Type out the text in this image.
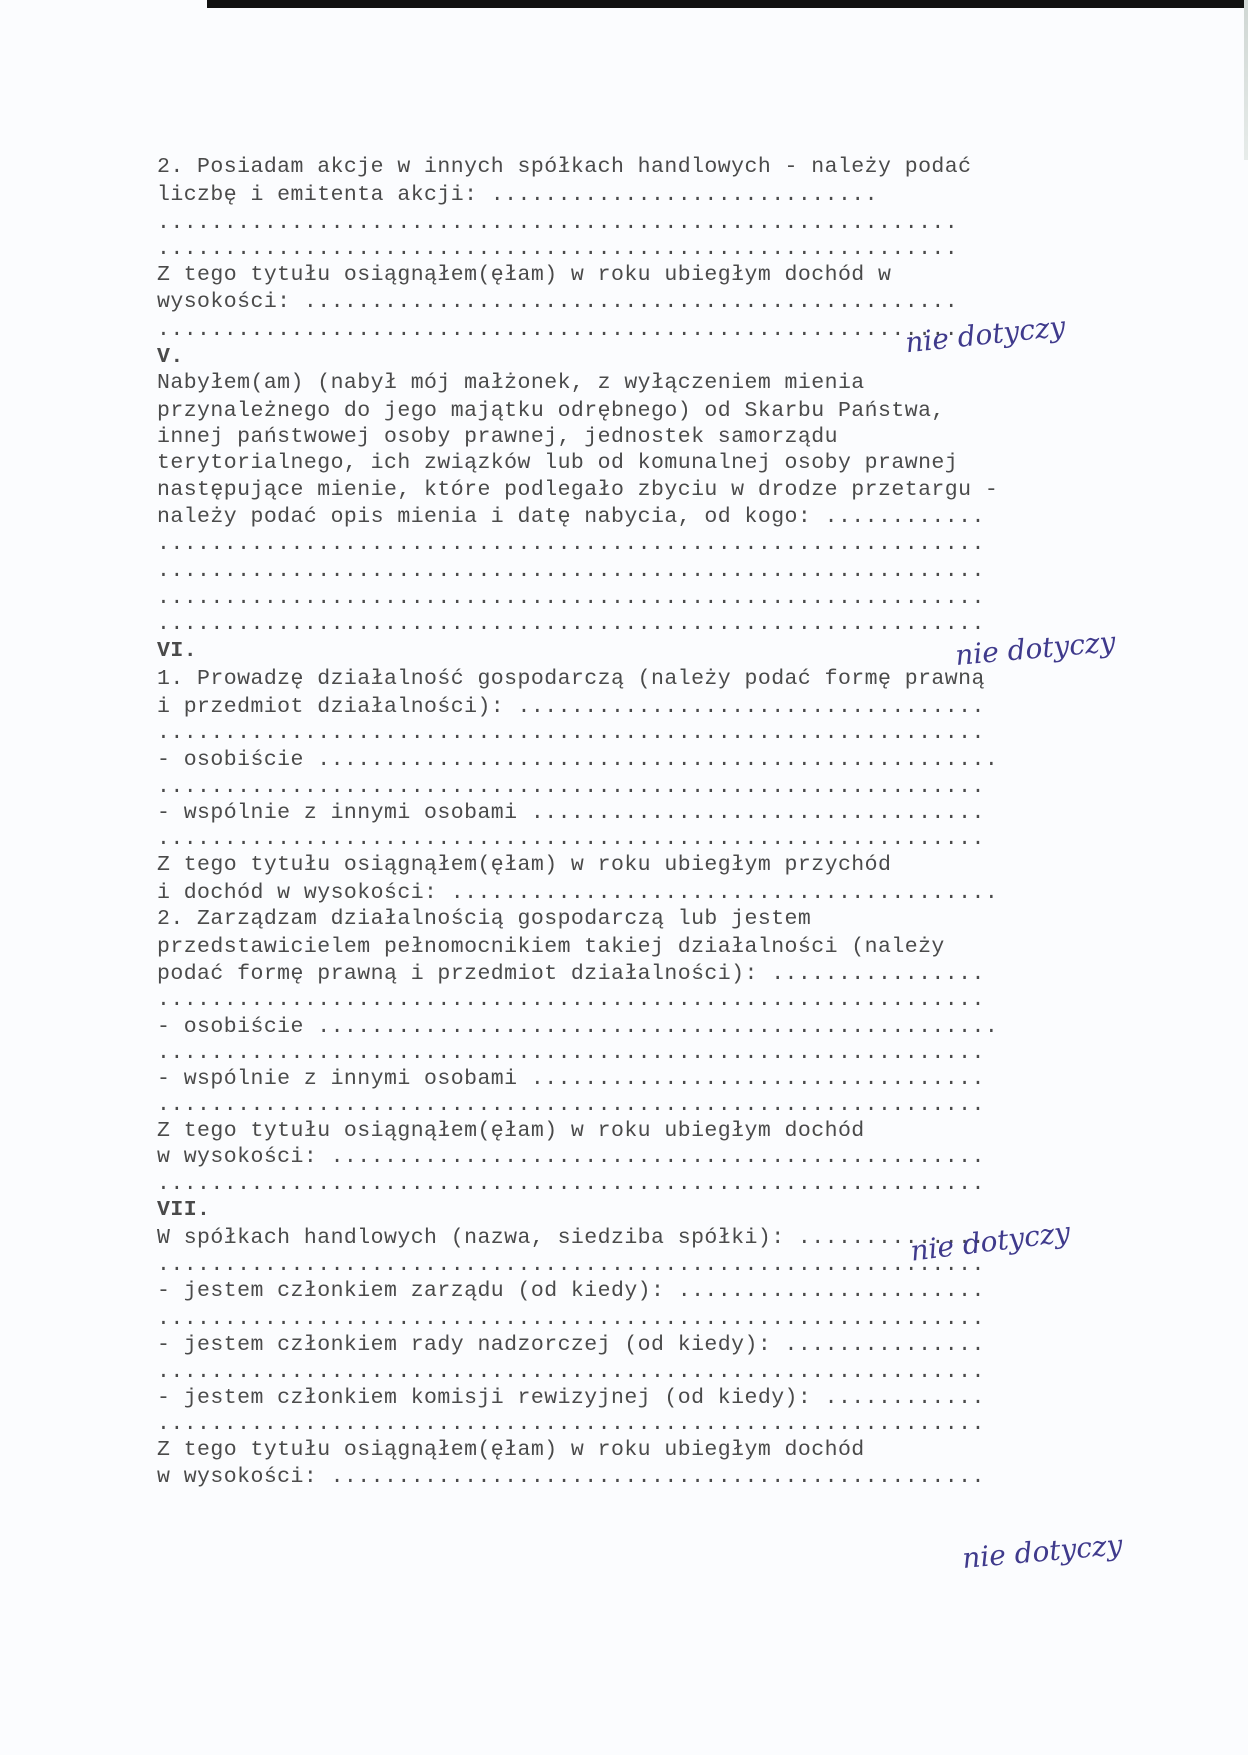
2. Posiadam akcje w innych spółkach handlowych - należy podać
liczbę i emitenta akcji: .............................
............................................................
............................................................
Z tego tytułu osiągnąłem(ęłam) w roku ubiegłym dochód w
wysokości: .................................................
............................................................
V.
Nabyłem(am) (nabył mój małżonek, z wyłączeniem mienia
przynależnego do jego majątku odrębnego) od Skarbu Państwa,
innej państwowej osoby prawnej, jednostek samorządu
terytorialnego, ich związków lub od komunalnej osoby prawnej
następujące mienie, które podlegało zbyciu w drodze przetargu -
należy podać opis mienia i datę nabycia, od kogo: ............
..............................................................
..............................................................
..............................................................
..............................................................
VI.
1. Prowadzę działalność gospodarczą (należy podać formę prawną
i przedmiot działalności): ...................................
..............................................................
- osobiście ...................................................
..............................................................
- wspólnie z innymi osobami ..................................
..............................................................
Z tego tytułu osiągnąłem(ęłam) w roku ubiegłym przychód
i dochód w wysokości: .........................................
2. Zarządzam działalnością gospodarczą lub jestem
przedstawicielem pełnomocnikiem takiej działalności (należy
podać formę prawną i przedmiot działalności): ................
..............................................................
- osobiście ...................................................
..............................................................
- wspólnie z innymi osobami ..................................
..............................................................
Z tego tytułu osiągnąłem(ęłam) w roku ubiegłym dochód
w wysokości: .................................................
..............................................................
VII.
W spółkach handlowych (nazwa, siedziba spółki): ..............
..............................................................
- jestem członkiem zarządu (od kiedy): .......................
..............................................................
- jestem członkiem rady nadzorczej (od kiedy): ...............
..............................................................
- jestem członkiem komisji rewizyjnej (od kiedy): ............
..............................................................
Z tego tytułu osiągnąłem(ęłam) w roku ubiegłym dochód
w wysokości: .................................................
nie dotyczy
nie dotyczy
nie dotyczy
nie dotyczy
